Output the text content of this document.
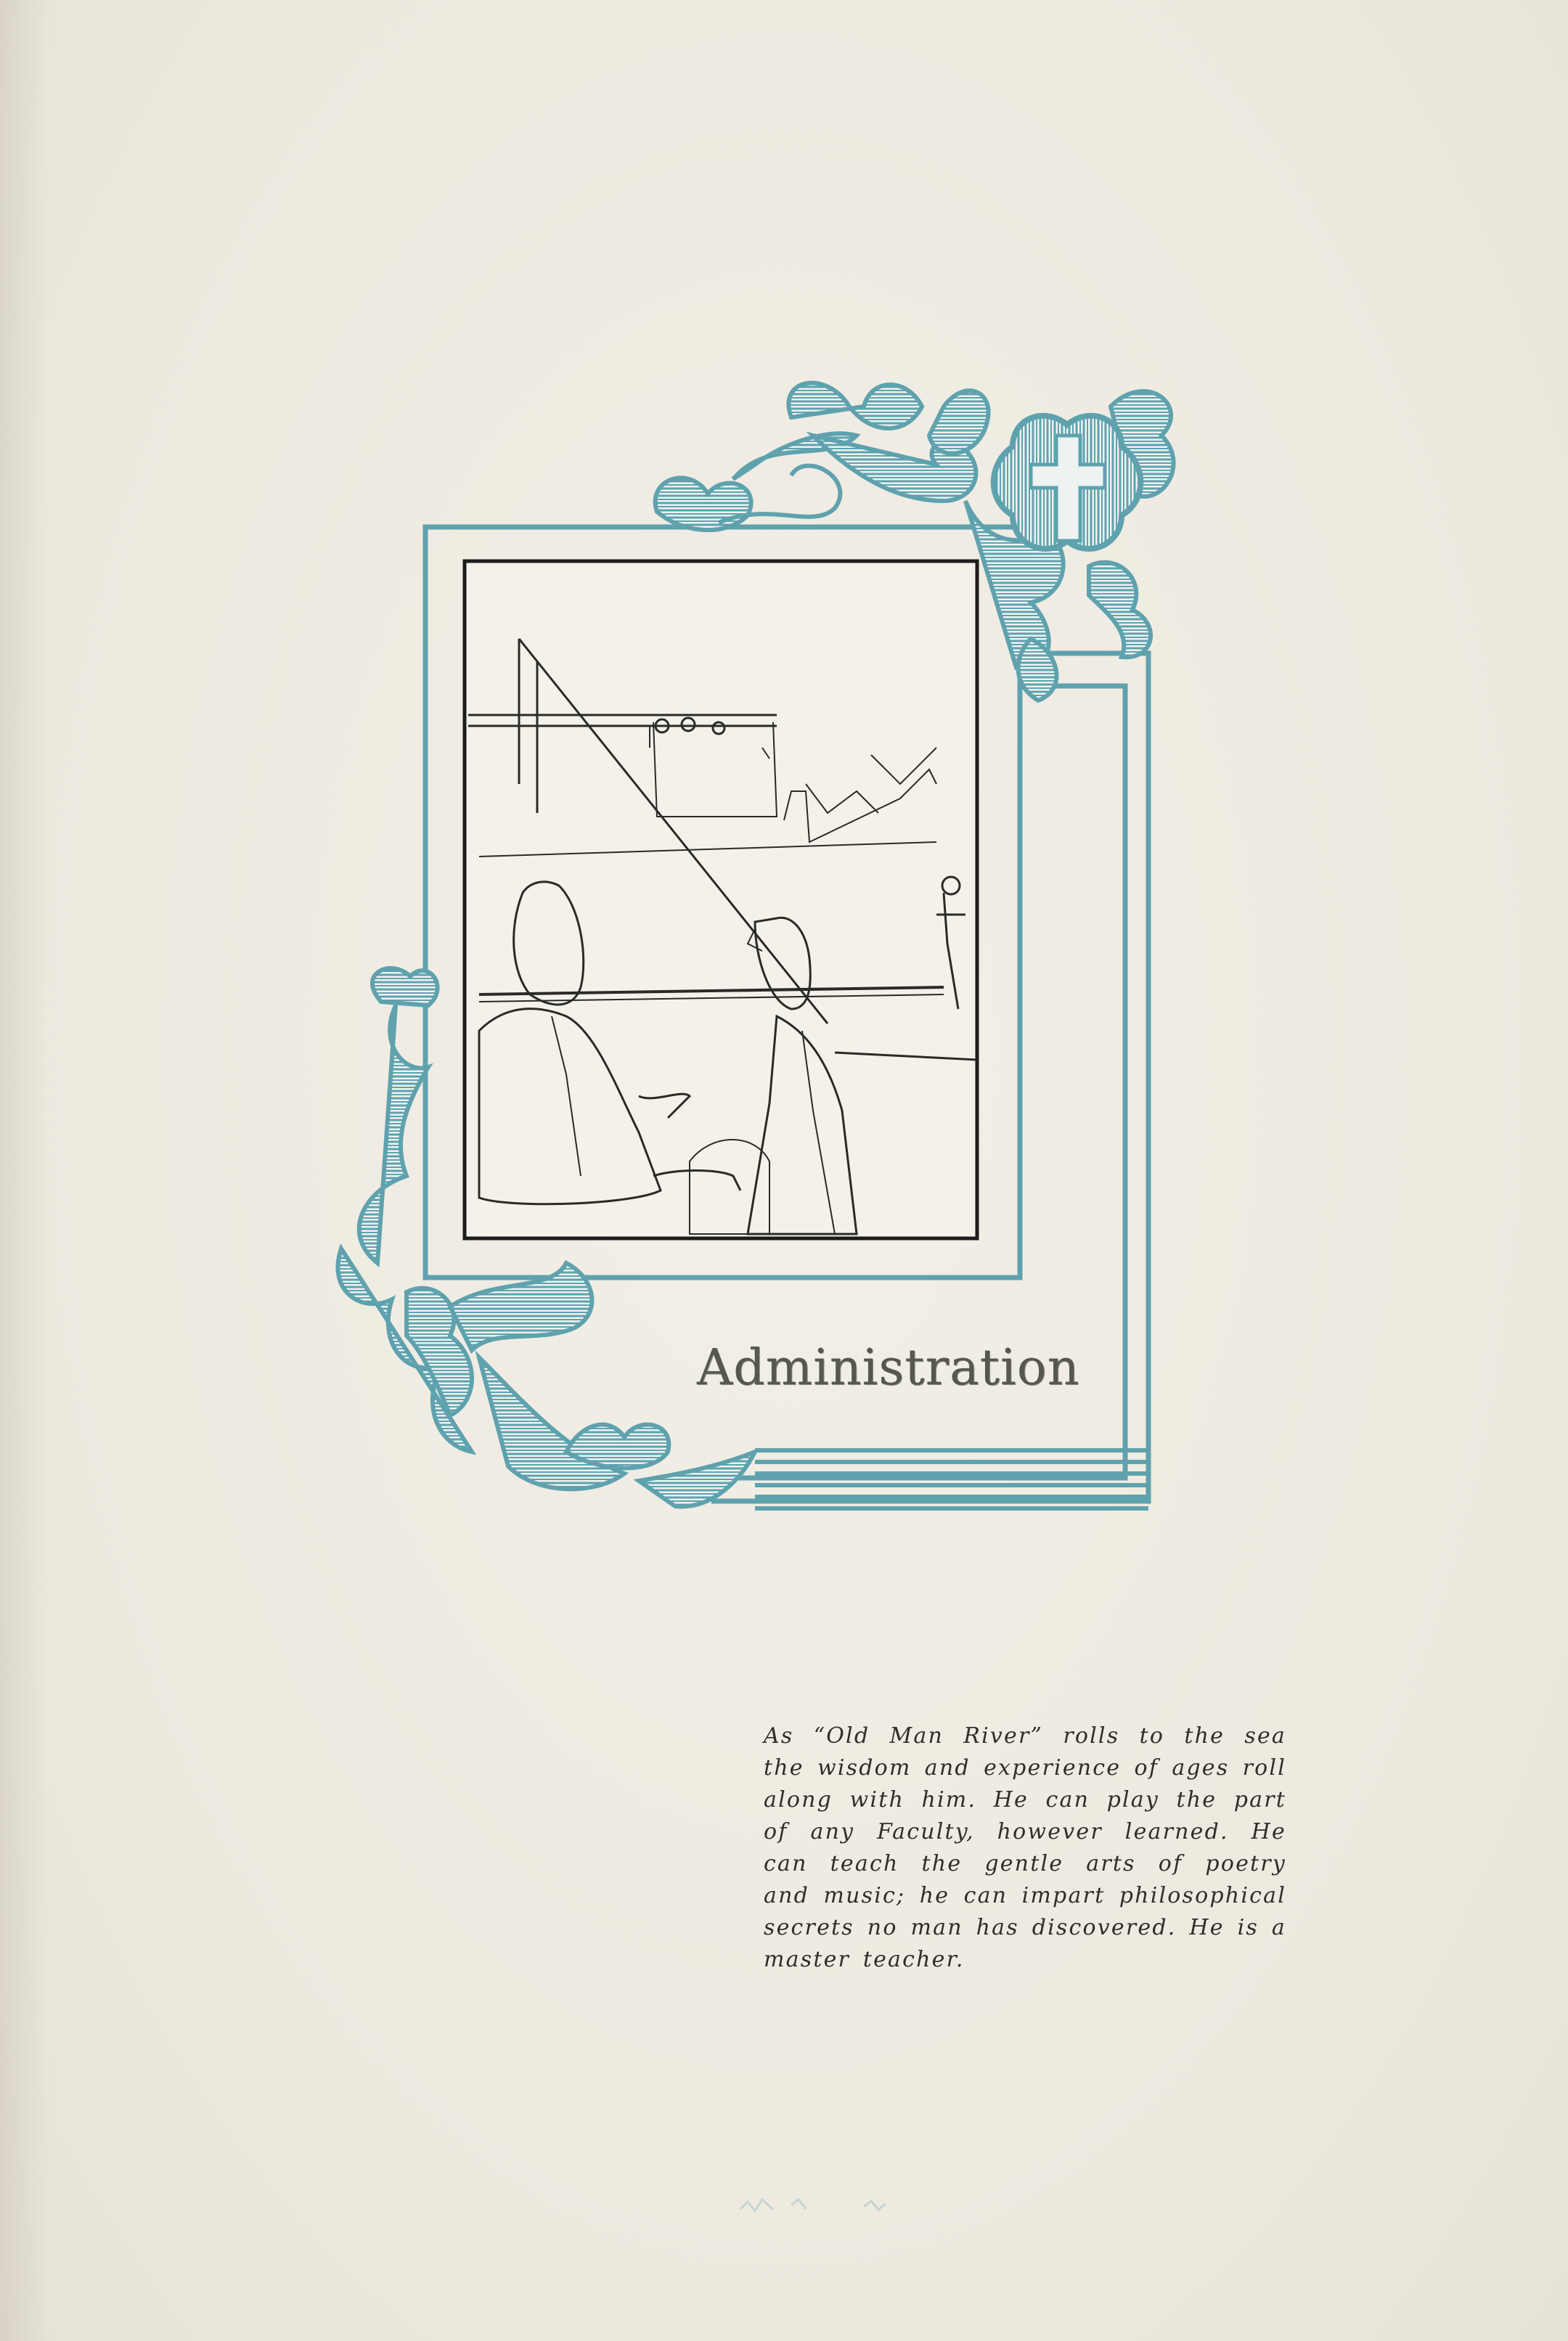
Administration

As “Old Man River” rolls to the sea the wisdom and experience of ages roll along with him. He can play the part of any Faculty, however learned. He can teach the gentle arts of poetry and music; he can impart philosophical secrets no man has discovered. He is a master teacher.
